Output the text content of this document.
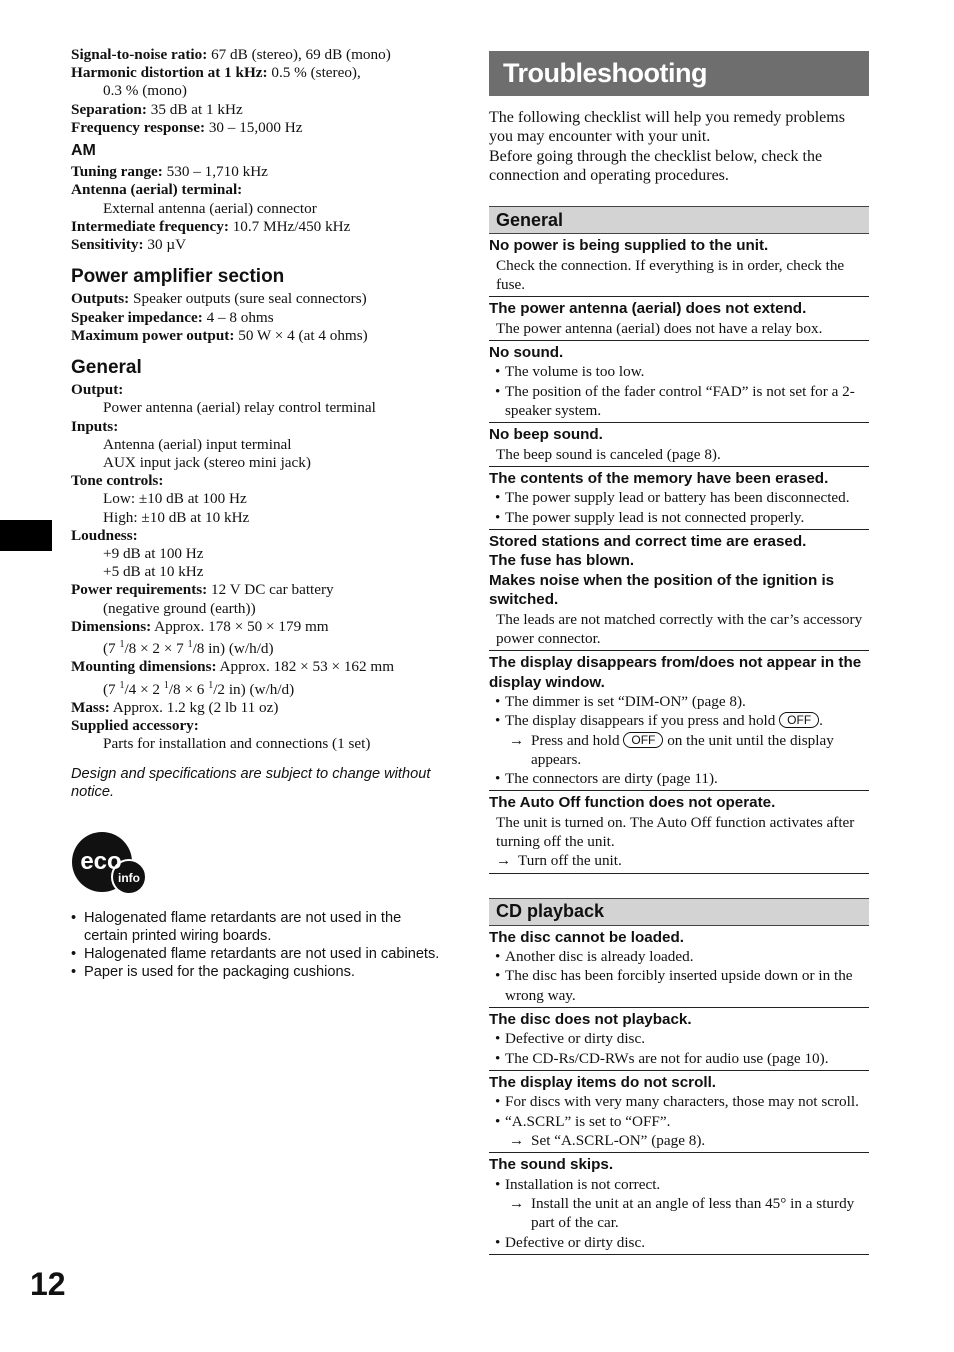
12
Signal-to-noise ratio: 67 dB (stereo), 69 dB (mono)
Harmonic distortion at 1 kHz: 0.5 % (stereo),
0.3 % (mono)
Separation: 35 dB at 1 kHz
Frequency response: 30 – 15,000 Hz
AM
Tuning range: 530 – 1,710 kHz
Antenna (aerial) terminal:
External antenna (aerial) connector
Intermediate frequency: 10.7 MHz/450 kHz
Sensitivity: 30 µV
Power amplifier section
Outputs: Speaker outputs (sure seal connectors)
Speaker impedance: 4 – 8 ohms
Maximum power output: 50 W × 4 (at 4 ohms)
General
Output:
Power antenna (aerial) relay control terminal
Inputs:
Antenna (aerial) input terminal
AUX input jack (stereo mini jack)
Tone controls:
Low: ±10 dB at 100 Hz
High: ±10 dB at 10 kHz
Loudness:
+9 dB at 100 Hz
+5 dB at 10 kHz
Power requirements: 12 V DC car battery
(negative ground (earth))
Dimensions: Approx. 178 × 50 × 179 mm
(7 $^1$/8 × 2 × 7 $^1$/8 in) (w/h/d)
Mounting dimensions: Approx. 182 × 53 × 162 mm
(7 $^1$/4 × 2 $^1$/8 × 6 $^1$/2 in) (w/h/d)
Mass: Approx. 1.2 kg (2 lb 11 oz)
Supplied accessory:
Parts for installation and connections (1 set)
Design and specifications are subject to change without notice.
eco
info
• Halogenated flame retardants are not used in the certain printed wiring boards.
• Halogenated flame retardants are not used in cabinets.
• Paper is used for the packaging cushions.
Troubleshooting
The following checklist will help you remedy problems you may encounter with your unit.
Before going through the checklist below, check the connection and operating procedures.
General
No power is being supplied to the unit.
Check the connection. If everything is in order, check the fuse.
The power antenna (aerial) does not extend.
The power antenna (aerial) does not have a relay box.
No sound.
• The volume is too low.
• The position of the fader control “FAD” is not set for a 2-speaker system.
No beep sound.
The beep sound is canceled (page 8).
The contents of the memory have been erased.
• The power supply lead or battery has been disconnected.
• The power supply lead is not connected properly.
Stored stations and correct time are erased.
The fuse has blown.
Makes noise when the position of the ignition is switched.
The leads are not matched correctly with the car’s accessory power connector.
The display disappears from/does not appear in the display window.
• The dimmer is set “DIM-ON” (page 8).
• The display disappears if you press and hold OFF .
→ Press and hold OFF on the unit until the display appears.
• The connectors are dirty (page 11).
The Auto Off function does not operate.
The unit is turned on. The Auto Off function activates after turning off the unit.
→ Turn off the unit.
CD playback
The disc cannot be loaded.
• Another disc is already loaded.
• The disc has been forcibly inserted upside down or in the wrong way.
The disc does not playback.
• Defective or dirty disc.
• The CD-Rs/CD-RWs are not for audio use (page 10).
The display items do not scroll.
• For discs with very many characters, those may not scroll.
• “A.SCRL” is set to “OFF”.
→ Set “A.SCRL-ON” (page 8).
The sound skips.
• Installation is not correct.
→ Install the unit at an angle of less than 45° in a sturdy part of the car.
• Defective or dirty disc.
